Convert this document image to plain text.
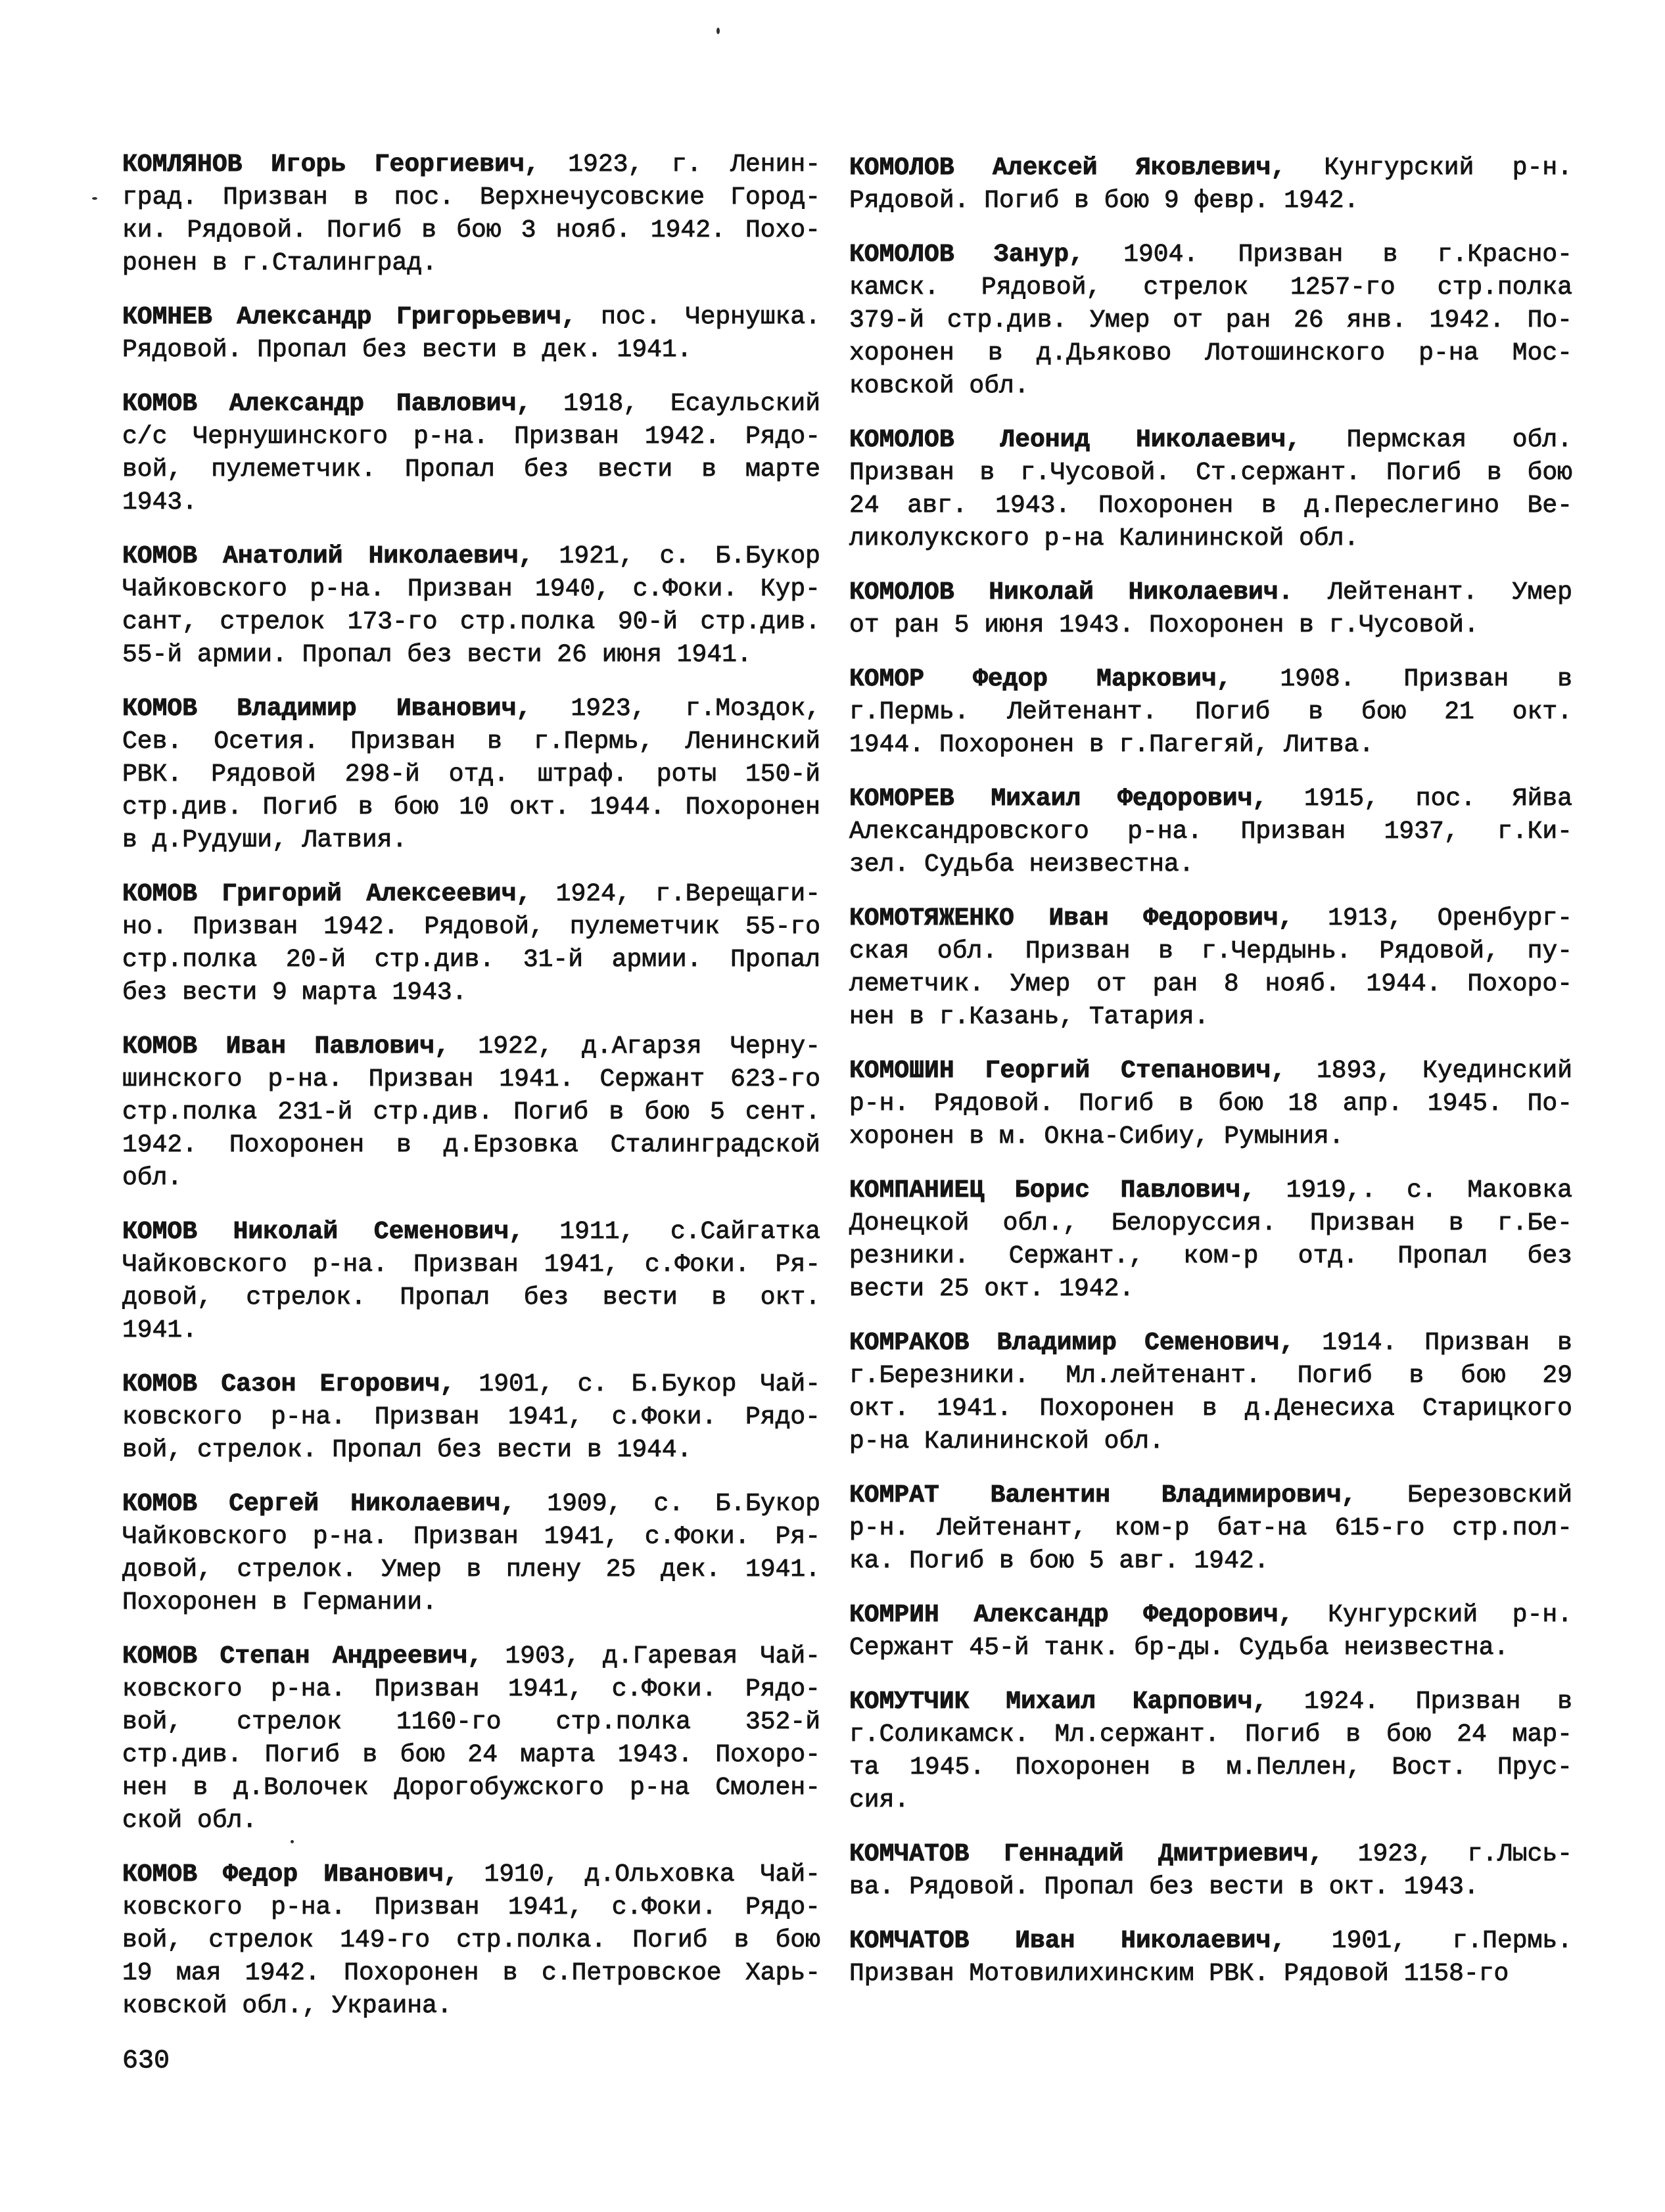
КОМЛЯНОВ Игорь Георгиевич, 1923, г. Ленин-
град. Призван в пос. Верхнечусовские Город-
ки. Рядовой. Погиб в бою 3 нояб. 1942. Похо-
ронен в г.Сталинград.
КОМНЕВ Александр Григорьевич, пос. Чернушка.
Рядовой. Пропал без вести в дек. 1941.
КОМОВ Александр Павлович, 1918, Есаульский
с/с Чернушинского р-на. Призван 1942. Рядо-
вой, пулеметчик. Пропал без вести в марте
1943.
КОМОВ Анатолий Николаевич, 1921, с. Б.Букор
Чайковского р-на. Призван 1940, с.Фоки. Кур-
сант, стрелок 173-го стр.полка 90-й стр.див.
55-й армии. Пропал без вести 26 июня 1941.
КОМОВ Владимир Иванович, 1923, г.Моздок,
Сев. Осетия. Призван в г.Пермь, Ленинский
РВК. Рядовой 298-й отд. штраф. роты 150-й
стр.див. Погиб в бою 10 окт. 1944. Похоронен
в д.Рудуши, Латвия.
КОМОВ Григорий Алексеевич, 1924, г.Верещаги-
но. Призван 1942. Рядовой, пулеметчик 55-го
стр.полка 20-й стр.див. 31-й армии. Пропал
без вести 9 марта 1943.
КОМОВ Иван Павлович, 1922, д.Агарзя Черну-
шинского р-на. Призван 1941. Сержант 623-го
стр.полка 231-й стр.див. Погиб в бою 5 сент.
1942. Похоронен в д.Ерзовка Сталинградской
обл.
КОМОВ Николай Семенович, 1911, с.Сайгатка
Чайковского р-на. Призван 1941, с.Фоки. Ря-
довой, стрелок. Пропал без вести в окт.
1941.
КОМОВ Сазон Егорович, 1901, с. Б.Букор Чай-
ковского р-на. Призван 1941, с.Фоки. Рядо-
вой, стрелок. Пропал без вести в 1944.
КОМОВ Сергей Николаевич, 1909, с. Б.Букор
Чайковского р-на. Призван 1941, с.Фоки. Ря-
довой, стрелок. Умер в плену 25 дек. 1941.
Похоронен в Германии.
КОМОВ Степан Андреевич, 1903, д.Гаревая Чай-
ковского р-на. Призван 1941, с.Фоки. Рядо-
вой, стрелок 1160-го стр.полка 352-й
стр.див. Погиб в бою 24 марта 1943. Похоро-
нен в д.Волочек Дорогобужского р-на Смолен-
ской обл.
КОМОВ Федор Иванович, 1910, д.Ольховка Чай-
ковского р-на. Призван 1941, с.Фоки. Рядо-
вой, стрелок 149-го стр.полка. Погиб в бою
19 мая 1942. Похоронен в с.Петровское Харь-
ковской обл., Украина.
КОМОЛОВ Алексей Яковлевич, Кунгурский р-н.
Рядовой. Погиб в бою 9 февр. 1942.
КОМОЛОВ Занур, 1904. Призван в г.Красно-
камск. Рядовой, стрелок 1257-го стр.полка
379-й стр.див. Умер от ран 26 янв. 1942. По-
хоронен в д.Дьяково Лотошинского р-на Мос-
ковской обл.
КОМОЛОВ Леонид Николаевич, Пермская обл.
Призван в г.Чусовой. Ст.сержант. Погиб в бою
24 авг. 1943. Похоронен в д.Переслегино Ве-
ликолукского р-на Калининской обл.
КОМОЛОВ Николай Николаевич. Лейтенант. Умер
от ран 5 июня 1943. Похоронен в г.Чусовой.
КОМОР Федор Маркович, 1908. Призван в
г.Пермь. Лейтенант. Погиб в бою 21 окт.
1944. Похоронен в г.Пагегяй, Литва.
КОМОРЕВ Михаил Федорович, 1915, пос. Яйва
Александровского р-на. Призван 1937, г.Ки-
зел. Судьба неизвестна.
КОМОТЯЖЕНКО Иван Федорович, 1913, Оренбург-
ская обл. Призван в г.Чердынь. Рядовой, пу-
леметчик. Умер от ран 8 нояб. 1944. Похоро-
нен в г.Казань, Татария.
КОМОШИН Георгий Степанович, 1893, Куединский
р-н. Рядовой. Погиб в бою 18 апр. 1945. По-
хоронен в м. Окна-Сибиу, Румыния.
КОМПАНИЕЦ Борис Павлович, 1919,. с. Маковка
Донецкой обл., Белоруссия. Призван в г.Бе-
резники. Сержант., ком-р отд. Пропал без
вести 25 окт. 1942.
КОМРАКОВ Владимир Семенович, 1914. Призван в
г.Березники. Мл.лейтенант. Погиб в бою 29
окт. 1941. Похоронен в д.Денесиха Старицкого
р-на Калининской обл.
КОМРАТ Валентин Владимирович, Березовский
р-н. Лейтенант, ком-р бат-на 615-го стр.пол-
ка. Погиб в бою 5 авг. 1942.
КОМРИН Александр Федорович, Кунгурский р-н.
Сержант 45-й танк. бр-ды. Судьба неизвестна.
КОМУТЧИК Михаил Карпович, 1924. Призван в
г.Соликамск. Мл.сержант. Погиб в бою 24 мар-
та 1945. Похоронен в м.Пеллен, Вост. Прус-
сия.
КОМЧАТОВ Геннадий Дмитриевич, 1923, г.Лысь-
ва. Рядовой. Пропал без вести в окт. 1943.
КОМЧАТОВ Иван Николаевич, 1901, г.Пермь.
Призван Мотовилихинским РВК. Рядовой 1158-го
630
